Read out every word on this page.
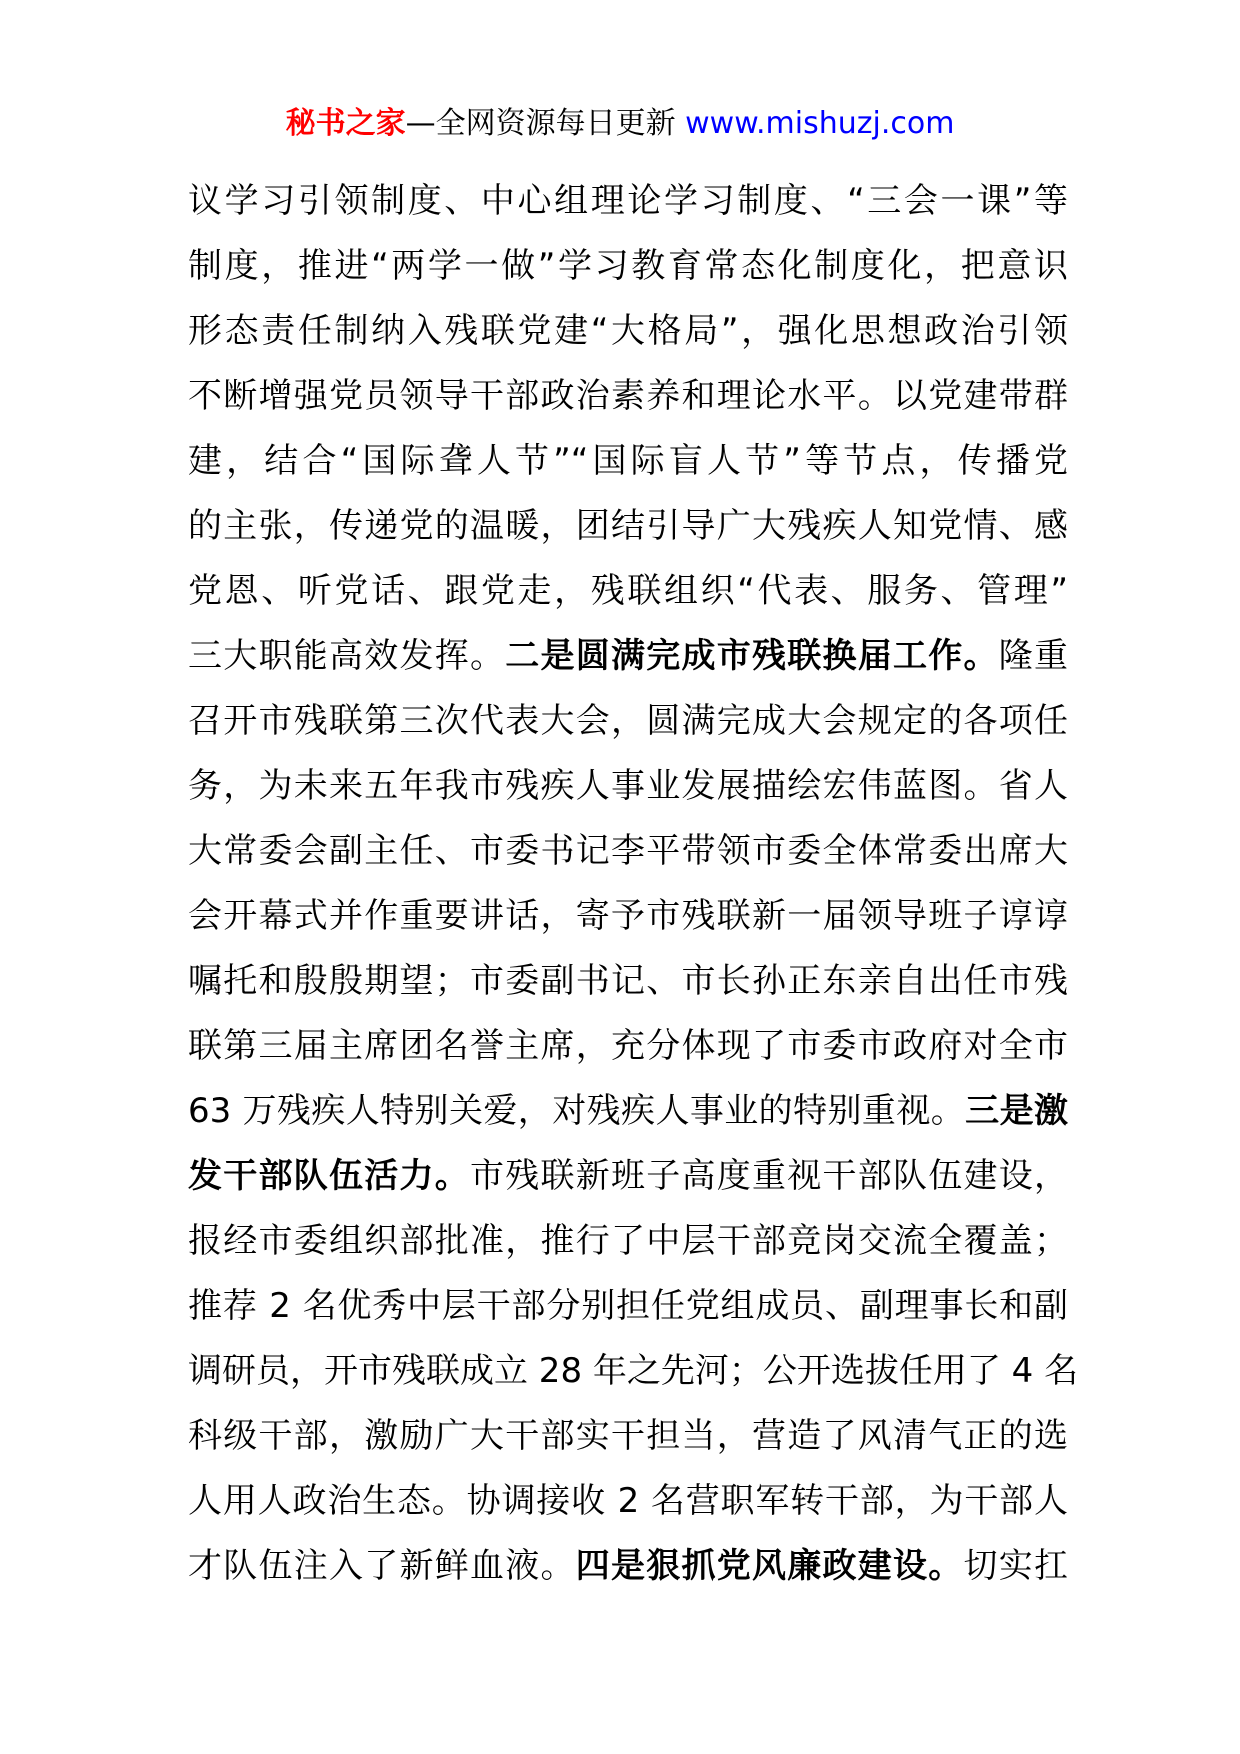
秘书之家—全网资源每日更新 www.mishuzj.com
议学习引领制度、中心组理论学习制度、“三会一课”等
制度，推进“两学一做”学习教育常态化制度化，把意识
形态责任制纳入残联党建“大格局”，强化思想政治引领
不断增强党员领导干部政治素养和理论水平。以党建带群
建，结合“国际聋人节”“国际盲人节”等节点，传播党
的主张，传递党的温暖，团结引导广大残疾人知党情、感
党恩、听党话、跟党走，残联组织“代表、服务、管理”
三大职能高效发挥。二是圆满完成市残联换届工作。隆重
召开市残联第三次代表大会，圆满完成大会规定的各项任
务，为未来五年我市残疾人事业发展描绘宏伟蓝图。省人
大常委会副主任、市委书记李平带领市委全体常委出席大
会开幕式并作重要讲话，寄予市残联新一届领导班子谆谆
嘱托和殷殷期望；市委副书记、市长孙正东亲自出任市残
联第三届主席团名誉主席，充分体现了市委市政府对全市
63 万残疾人特别关爱，对残疾人事业的特别重视。三是激
发干部队伍活力。市残联新班子高度重视干部队伍建设，
报经市委组织部批准，推行了中层干部竞岗交流全覆盖；
推荐 2 名优秀中层干部分别担任党组成员、副理事长和副
调研员，开市残联成立 28 年之先河；公开选拔任用了 4 名
科级干部，激励广大干部实干担当，营造了风清气正的选
人用人政治生态。协调接收 2 名营职军转干部，为干部人
才队伍注入了新鲜血液。四是狠抓党风廉政建设。切实扛
